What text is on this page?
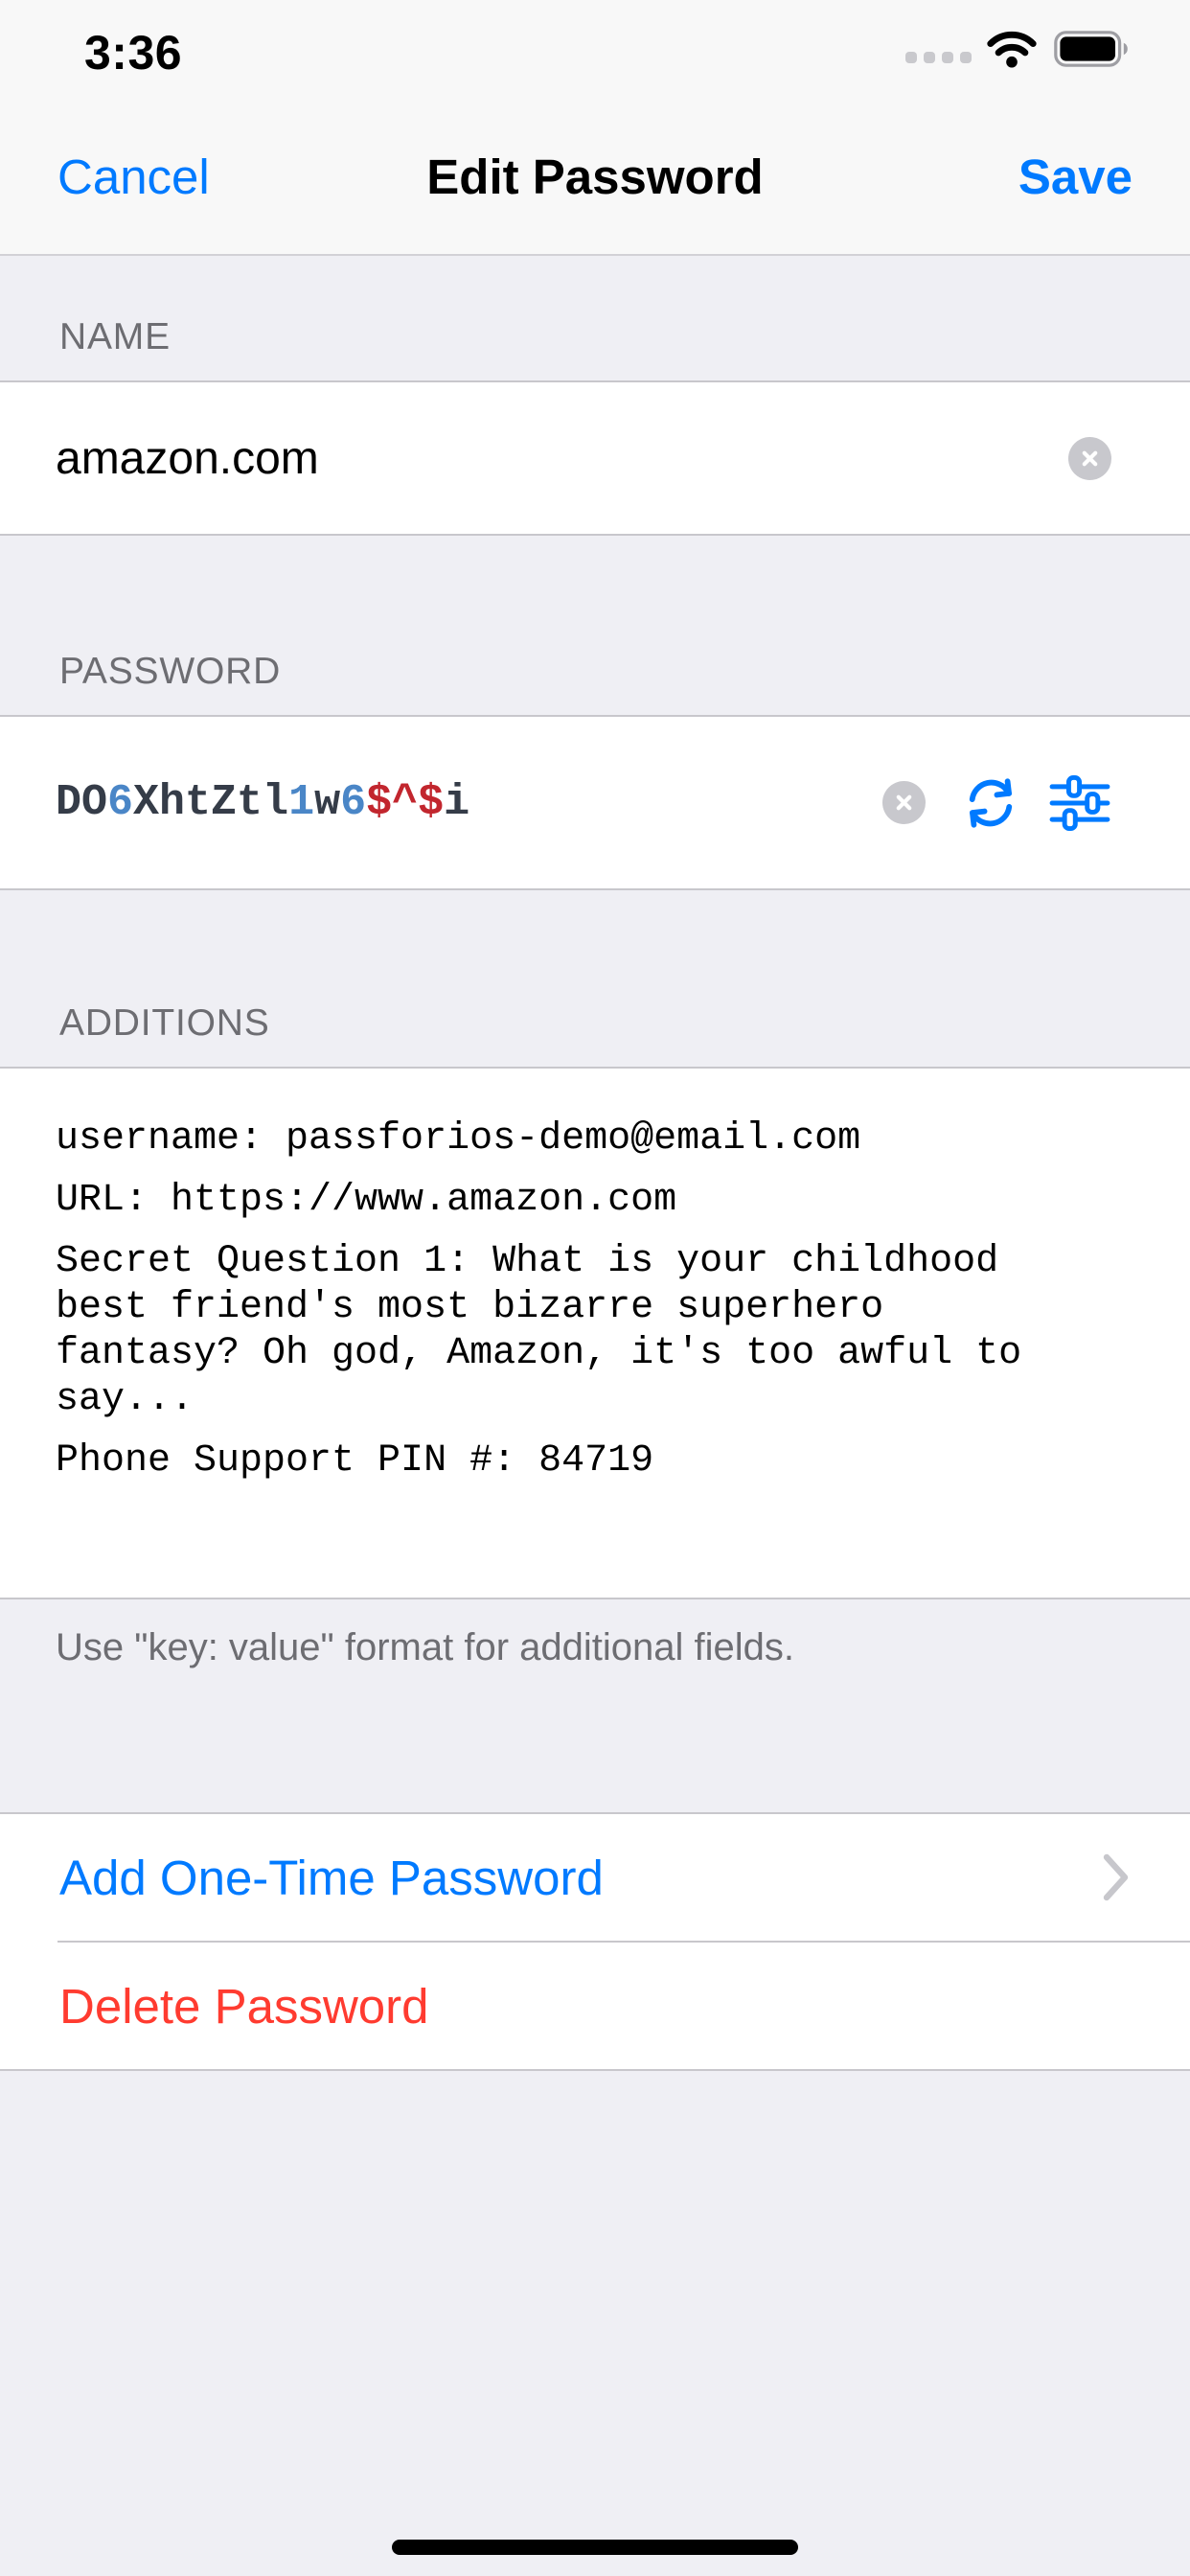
3:36
Cancel	Edit Password	Save
NAME
amazon.com
PASSWORD
DO6XhtZtl1w6$^$i
ADDITIONS
username: passforios-demo@email.com
URL: https://www.amazon.com
Secret Question 1: What is your childhood best friend's most bizarre superhero fantasy? Oh god, Amazon, it's too awful to say...
Phone Support PIN #: 84719
Use "key: value" format for additional fields.
Add One-Time Password
Delete Password
